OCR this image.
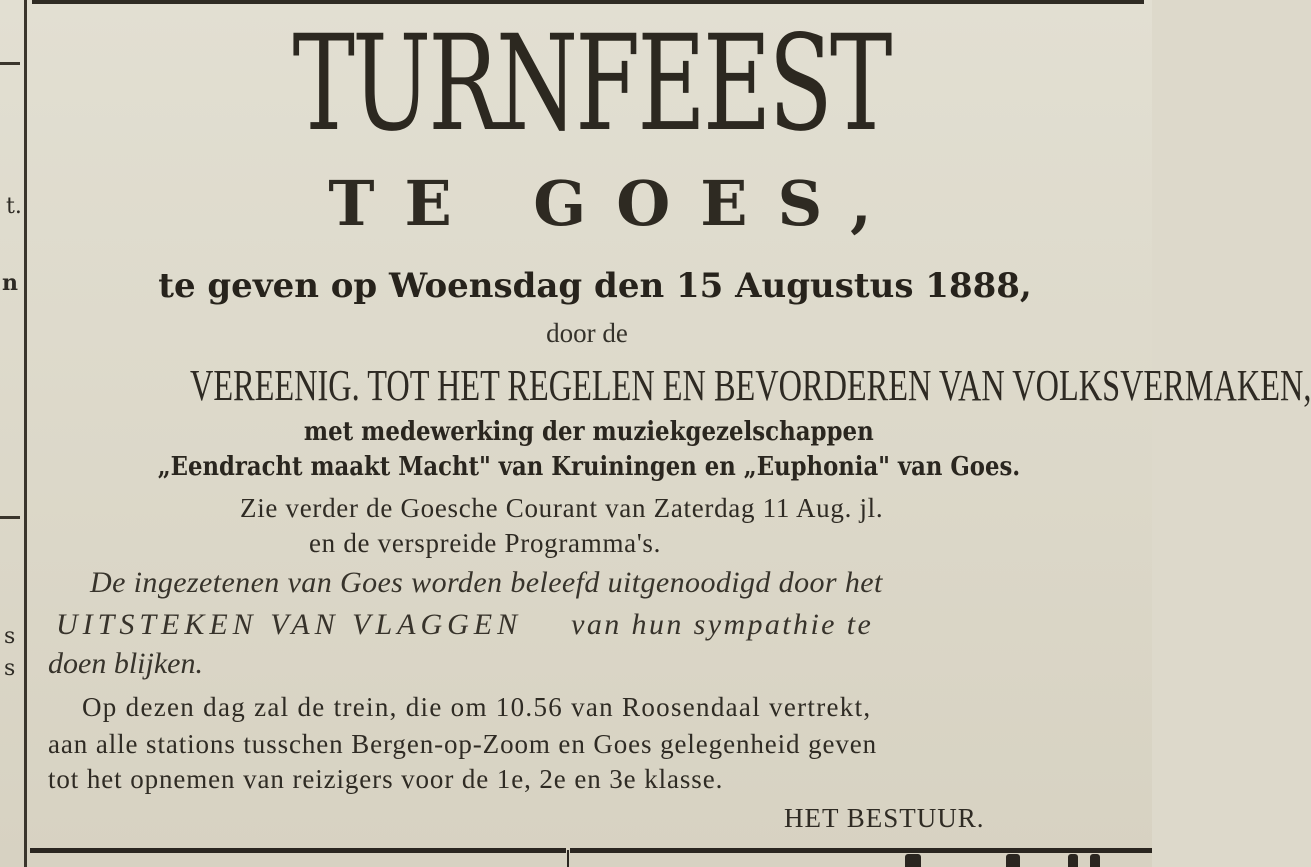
t.
n
s
s
TURNFEEST
TE GOES,
te geven op Woensdag den 15 Augustus 1888,
door de
VEREENIG. TOT HET REGELEN EN BEVORDEREN VAN VOLKSVERMAKEN,
met medewerking der muziekgezelschappen
„Eendracht maakt Macht" van Kruiningen en „Euphonia" van Goes.
Zie verder de Goesche Courant van Zaterdag 11 Aug. jl.
en de verspreide Programma's.
De ingezetenen van Goes worden beleefd uitgenoodigd door het
UITSTEKEN VAN VLAGGEN van hun sympathie te
doen blijken.
Op dezen dag zal de trein, die om 10.56 van Roosendaal vertrekt,
aan alle stations tusschen Bergen-op-Zoom en Goes gelegenheid geven
tot het opnemen van reizigers voor de 1e, 2e en 3e klasse.
HET BESTUUR.
